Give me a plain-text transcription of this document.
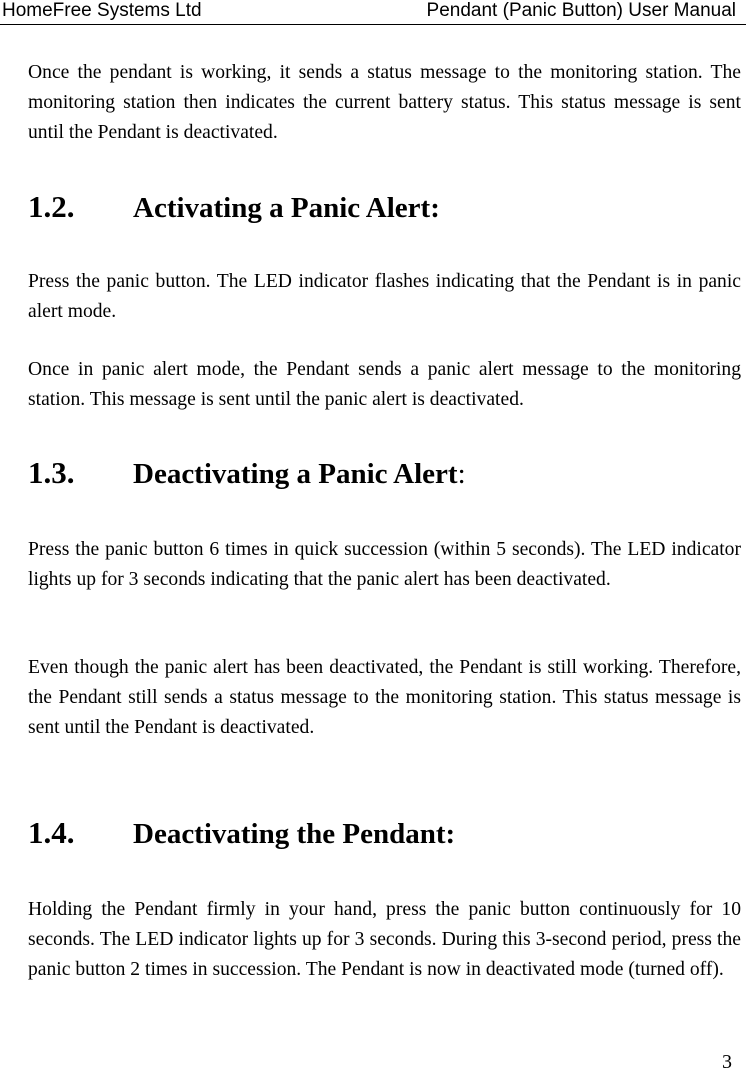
HomeFree Systems Ltd	Pendant (Panic Button) User Manual

Once the pendant is working, it sends a status message to the monitoring station. The monitoring station then indicates the current battery status. This status message is sent until the Pendant is deactivated.

1.2. Activating a Panic Alert:

Press the panic button. The LED indicator flashes indicating that the Pendant is in panic alert mode.

Once in panic alert mode, the Pendant sends a panic alert message to the monitoring station. This message is sent until the panic alert is deactivated.

1.3. Deactivating a Panic Alert:

Press the panic button 6 times in quick succession (within 5 seconds). The LED indicator lights up for 3 seconds indicating that the panic alert has been deactivated.

Even though the panic alert has been deactivated, the Pendant is still working. Therefore, the Pendant still sends a status message to the monitoring station. This status message is sent until the Pendant is deactivated.

1.4. Deactivating the Pendant:

Holding the Pendant firmly in your hand, press the panic button continuously for 10 seconds. The LED indicator lights up for 3 seconds. During this 3-second period, press the panic button 2 times in succession. The Pendant is now in deactivated mode (turned off).

3
